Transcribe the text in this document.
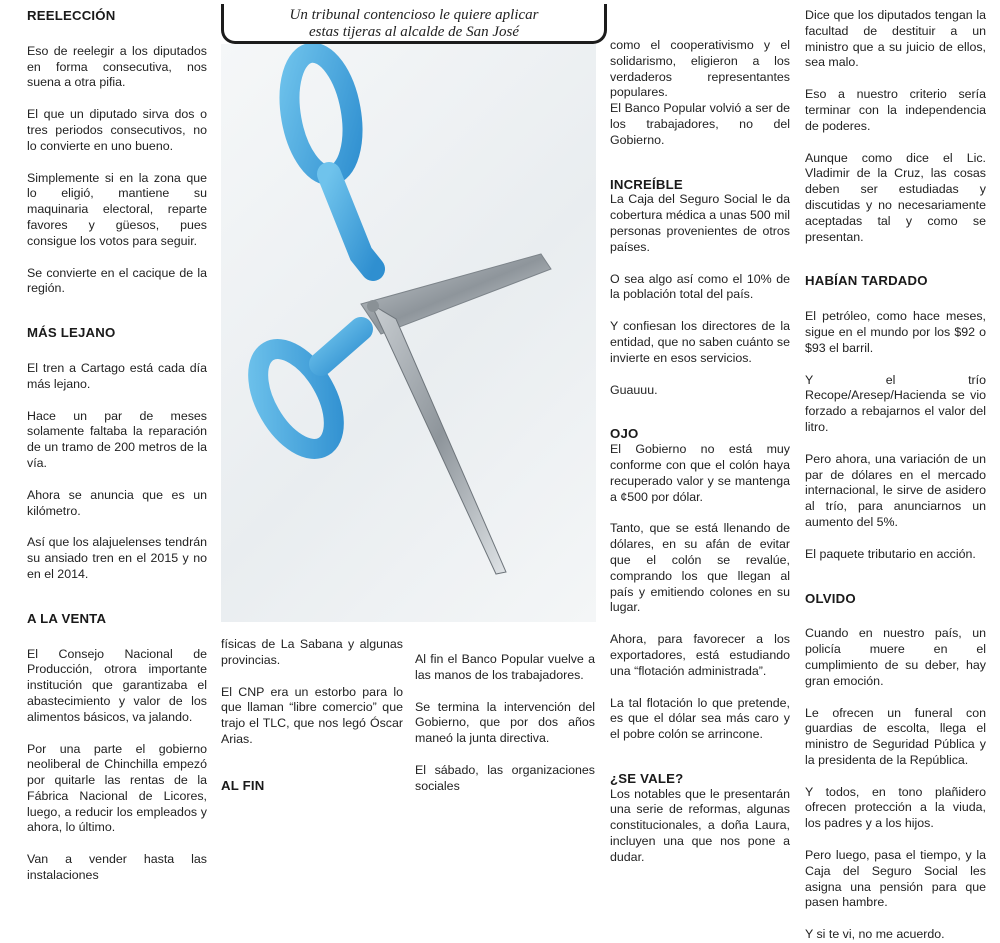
Un tribunal contencioso le quiere aplicar
estas tijeras al alcalde de San José
REELECCIÓN
Eso de reelegir a los diputados en forma consecutiva, nos suena a otra pifia.
El que un diputado sirva dos o tres periodos consecutivos, no lo convierte en uno bueno.
Simplemente si en la zona que lo eligió, mantiene su maquinaria electoral, reparte favores y güesos, pues consigue los votos para seguir.
Se convierte en el cacique de la región.
MÁS LEJANO
El tren a Cartago está cada día más lejano.
Hace un par de meses solamente faltaba la reparación de un tramo de 200 metros de la vía.
Ahora se anuncia que es un kilómetro.
Así que los alajuelenses tendrán su ansiado tren en el 2015 y no en el 2014.
A LA VENTA
El Consejo Nacional de Producción, otrora importante institución que garantizaba el abastecimiento y valor de los alimentos básicos, va jalando.
Por una parte el gobierno neoliberal de Chinchilla empezó por quitarle las rentas de la Fábrica Nacional de Licores, luego, a reducir los empleados y ahora, lo último.
Van a vender hasta las instalaciones
físicas de La Sabana y algunas provincias.
El CNP era un estorbo para lo que llaman “libre comercio” que trajo el TLC, que nos legó Óscar Arias.
AL FIN
Al fin el Banco Popular vuelve a las manos de los trabajadores.
Se termina la intervención del Gobierno, que por dos años maneó la junta directiva.
El sábado, las organizaciones sociales
como el cooperativismo y el solidarismo, eligieron a los verdaderos representantes populares.
El Banco Popular volvió a ser de los trabajadores, no del Gobierno.
INCREÍBLE
La Caja del Seguro Social le da cobertura médica a unas 500 mil personas provenientes de otros países.
O sea algo así como el 10% de la población total del país.
Y confiesan los directores de la entidad, que no saben cuánto se invierte en esos servicios.
Guauuu.
OJO
El Gobierno no está muy conforme con que el colón haya recuperado valor y se mantenga a ¢500 por dólar.
Tanto, que se está llenando de dólares, en su afán de evitar que el colón se revalúe, comprando los que llegan al país y emitiendo colones en su lugar.
Ahora, para favorecer a los exportadores, está estudiando una “flotación administrada”.
La tal flotación lo que pretende, es que el dólar sea más caro y el pobre colón se arrincone.
¿SE VALE?
Los notables que le presentarán una serie de reformas, algunas constitucionales, a doña Laura, incluyen una que nos pone a dudar.
Dice que los diputados tengan la facultad de destituir a un ministro que a su juicio de ellos, sea malo.
Eso a nuestro criterio sería terminar con la independencia de poderes.
Aunque como dice el Lic. Vladimir de la Cruz, las cosas deben ser estudiadas y discutidas y no necesariamente aceptadas tal y como se presentan.
HABÍAN TARDADO
El petróleo, como hace meses, sigue en el mundo por los $92 o $93 el barril.
Y el trío Recope/Aresep/Hacienda se vio forzado a rebajarnos el valor del litro.
Pero ahora, una variación de un par de dólares en el mercado internacional, le sirve de asidero al trío, para anunciarnos un aumento del 5%.
El paquete tributario en acción.
OLVIDO
Cuando en nuestro país, un policía muere en el cumplimiento de su deber, hay gran emoción.
Le ofrecen un funeral con guardias de escolta, llega el ministro de Seguridad Pública y la presidenta de la República.
Y todos, en tono plañidero ofrecen protección a la viuda, los padres y a los hijos.
Pero luego, pasa el tiempo, y la Caja del Seguro Social les asigna una pensión para que pasen hambre.
Y si te vi, no me acuerdo.
